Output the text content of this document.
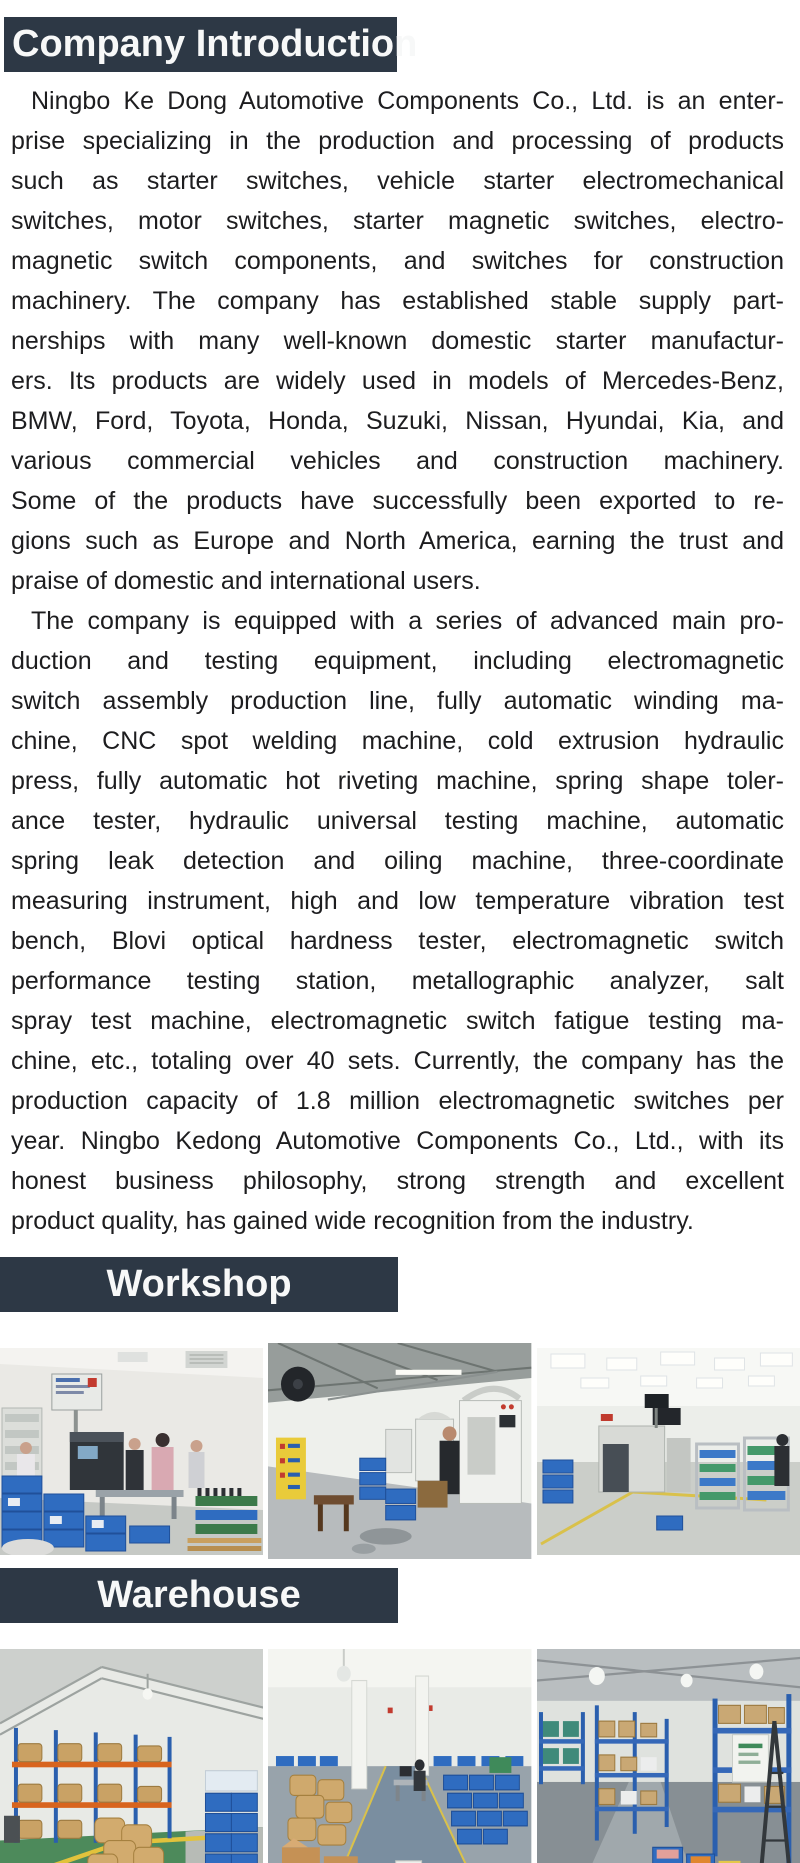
Company Introduction
Ningbo Ke Dong Automotive Components Co., Ltd. is an enter-
prise specializing in the production and processing of products
such as starter switches, vehicle starter electromechanical
switches, motor switches, starter magnetic switches, electro-
magnetic switch components, and switches for construction
machinery. The company has established stable supply part-
nerships with many well-known domestic starter manufactur-
ers. Its products are widely used in models of Mercedes-Benz,
BMW, Ford, Toyota, Honda, Suzuki, Nissan, Hyundai, Kia, and
various commercial vehicles and construction machinery.
Some of the products have successfully been exported to re-
gions such as Europe and North America, earning the trust and
praise of domestic and international users.
The company is equipped with a series of advanced main pro-
duction and testing equipment, including electromagnetic
switch assembly production line, fully automatic winding ma-
chine, CNC spot welding machine, cold extrusion hydraulic
press, fully automatic hot riveting machine, spring shape toler-
ance tester, hydraulic universal testing machine, automatic
spring leak detection and oiling machine, three-coordinate
measuring instrument, high and low temperature vibration test
bench, Blovi optical hardness tester, electromagnetic switch
performance testing station, metallographic analyzer, salt
spray test machine, electromagnetic switch fatigue testing ma-
chine, etc., totaling over 40 sets. Currently, the company has the
production capacity of 1.8 million electromagnetic switches per
year. Ningbo Kedong Automotive Components Co., Ltd., with its
honest business philosophy, strong strength and excellent
product quality, has gained wide recognition from the industry.
Workshop
Warehouse
